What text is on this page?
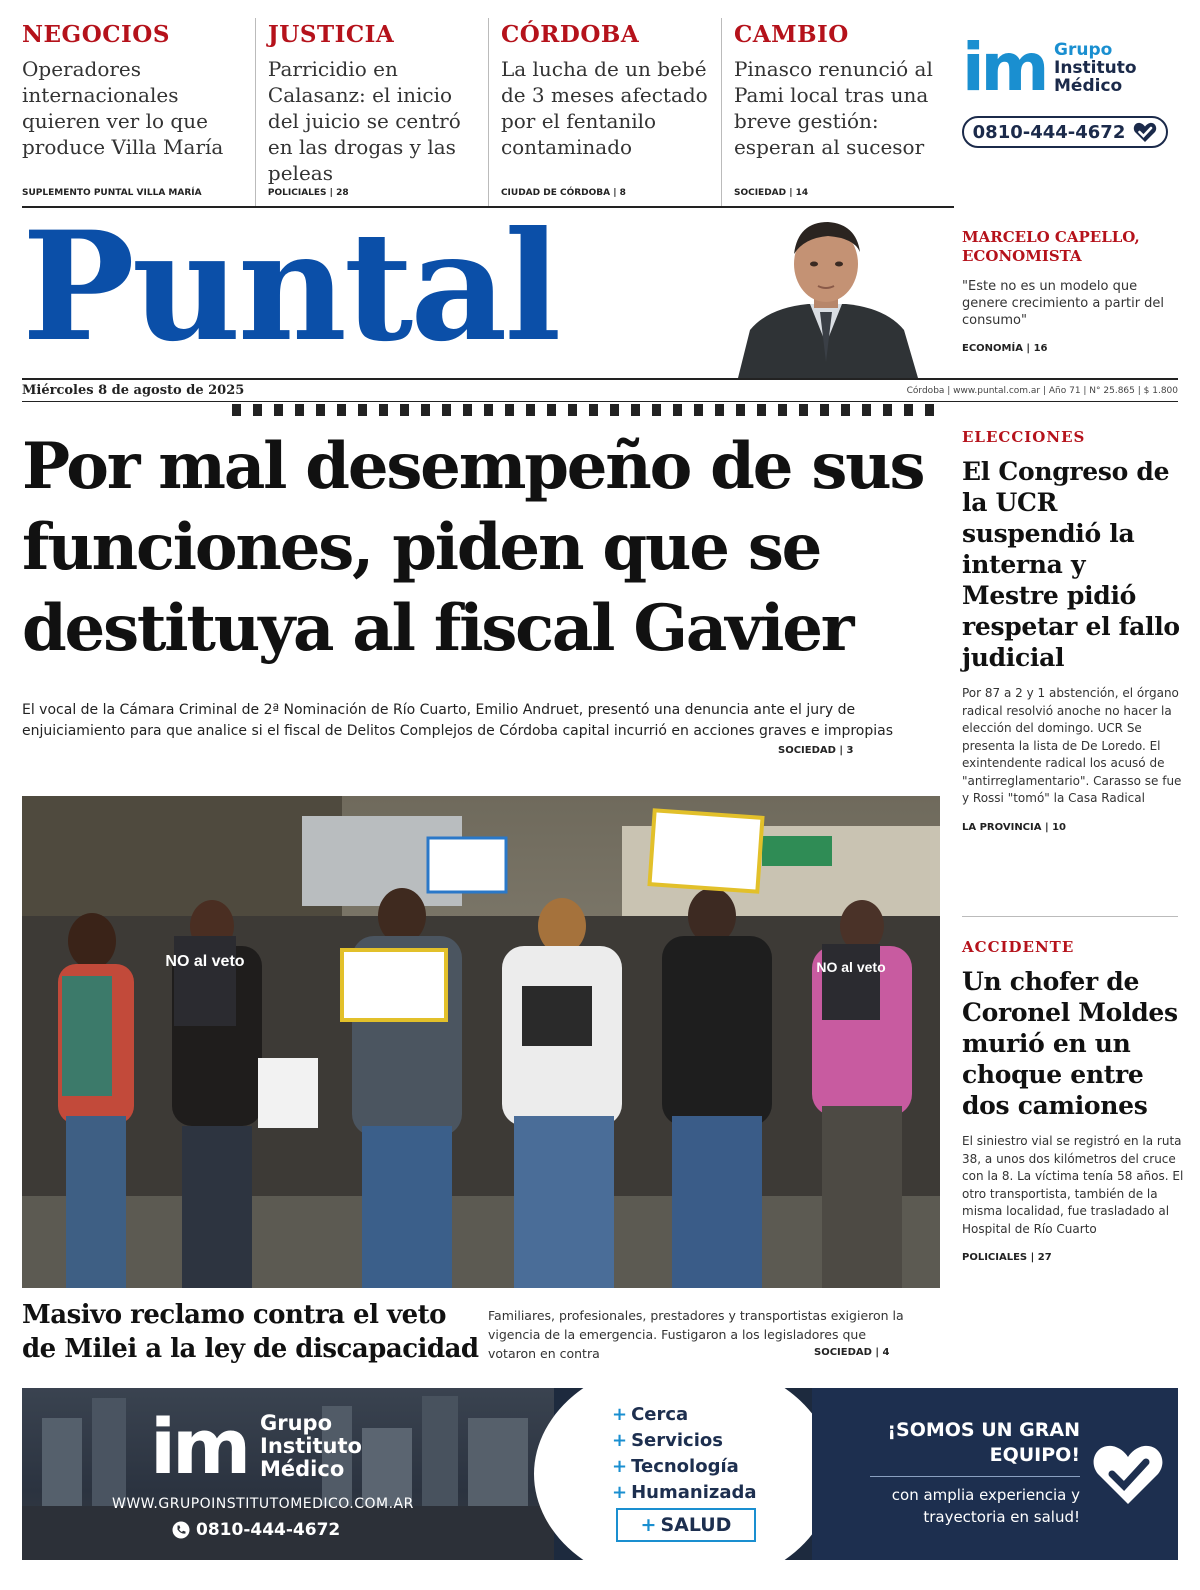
NEGOCIOS
Operadores internacionales quieren ver lo que produce Villa María
SUPLEMENTO PUNTAL VILLA MARÍA
JUSTICIA
Parricidio en Calasanz: el inicio del juicio se centró en las drogas y las peleas
POLICIALES | 28
CÓRDOBA
La lucha de un bebé de 3 meses afectado por el fentanilo contaminado
CIUDAD DE CÓRDOBA | 8
CAMBIO
Pinasco renunció al Pami local tras una breve gestión: esperan al sucesor
SOCIEDAD | 14
im Grupo
Instituto
Médico
0810-444-4672
Puntal	MARCELO CAPELLO, ECONOMISTA
"Este no es un modelo que genere crecimiento a partir del consumo"
ECONOMÍA | 16
Miércoles 8 de agosto de 2025	Córdoba | www.puntal.com.ar | Año 71 | N° 25.865 | $ 1.800
Por mal desempeño de sus funciones, piden que se destituya al fiscal Gavier

El vocal de la Cámara Criminal de 2ª Nominación de Río Cuarto, Emilio Andruet, presentó una denuncia ante el jury de enjuiciamiento para que analice si el fiscal de Delitos Complejos de Córdoba capital incurrió en acciones graves e impropias

SOCIEDAD | 3
NO al veto	NO al veto
Masivo reclamo contra el veto de Milei a la ley de discapacidad
Familiares, profesionales, prestadores y transportistas exigieron la vigencia de la emergencia. Fustigaron a los legisladores que votaron en contra	SOCIEDAD | 4
ELECCIONES
El Congreso de la UCR suspendió la interna y Mestre pidió respetar el fallo judicial
Por 87 a 2 y 1 abstención, el órgano radical resolvió anoche no hacer la elección del domingo. UCR Se presenta la lista de De Loredo. El exintendente radical los acusó de "antirreglamentario". Carasso se fue y Rossi "tomó" la Casa Radical
LA PROVINCIA | 10
ACCIDENTE
Un chofer de Coronel Moldes murió en un choque entre dos camiones
El siniestro vial se registró en la ruta 38, a unos dos kilómetros del cruce con la 8. La víctima tenía 58 años. El otro transportista, también de la misma localidad, fue trasladado al Hospital de Río Cuarto
POLICIALES | 27
im Grupo
Instituto
Médico
WWW.GRUPOINSTITUTOMEDICO.COM.AR
0810-444-4672
+ Cerca
+ Servicios
+ Tecnología
+ Humanizada
+ SALUD
¡SOMOS UN GRAN EQUIPO!
con amplia experiencia y trayectoria en salud!
